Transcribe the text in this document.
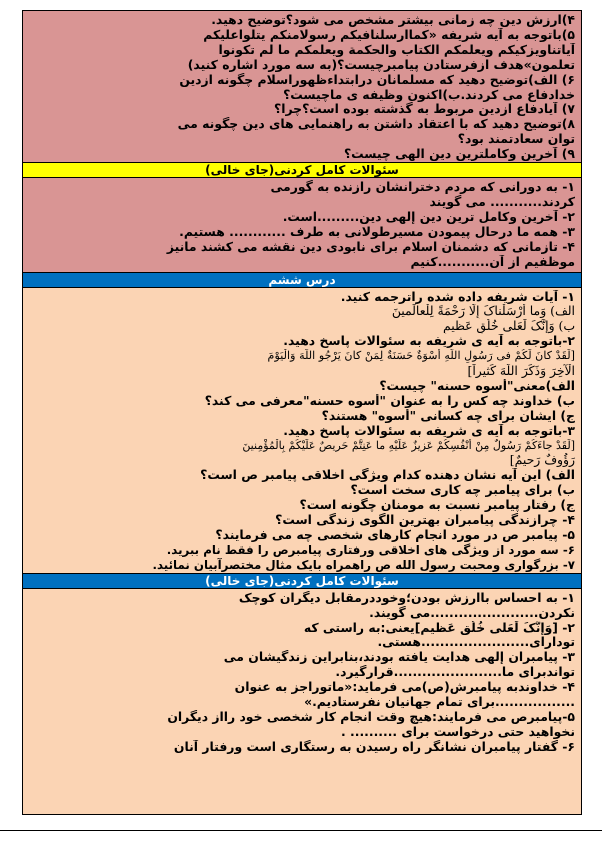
۴)ارزش دین چه زمانی بیشتر مشخص می شود؟توضیح دهید.
۵)باتوجه به آیه شریفه «کماارسلنافیکم رسولامنکم یتلواعلیکم
آیاتناویزکیکم ویعلمکم الکتاب والحکمة ویعلمکم ما لم تکونوا
تعلمون»هدف ازفرستادن پیامبرچیست؟(به سه مورد اشاره کنید)
۶) الف)توضیح دهید که مسلمانان درابتداءظهوراسلام چگونه ازدین
خدادفاع می کردند.ب)اکنون وظیفه ی ماچیست؟
۷) آیادفاع ازدین مربوط به گذشته بوده است؟چرا؟
۸)توضیح دهید که با اعتقاد داشتن به راهنمایی های دین چگونه می
توان سعادتمند بود؟
۹) آخرین وکاملترین دین الهی چیست؟
سئوالات کامل کردنی(جای خالی)
۱- به دورانی که مردم دخترانشان رازنده به گورمی
کردند........... می گویند
۲- آخرین وکامل ترین دین إلهی دین.........است.
۳- همه ما درحال پیمودن مسیرطولانی به طرف ............ هستیم.
۴- تازمانی که دشمنان اسلام برای نابودی دین نقشه می کشند مانیز
موظفیم از آن...........کنیم
درس ششم
۱- آیات شریفه داده شده راترجمه کنید.
الف) وَما أَرْسَلْناکَ إِلّا رَحْمَةً لِلْعالَمینَ
ب) وَإِنَّکَ لَعَلى خُلُقٍ عَظیمٍ
۲-باتوجه به آیه ی شریفه به سئوالات پاسخ دهید.
[لَقَدْ کانَ لَکُمْ فی رَسُولِ اللَّهِ أُسْوَةٌ حَسَنَةٌ لِمَنْ کانَ یَرْجُو اللَّهَ وَالْیَوْمَ
الْآخِرَ وَذَکَرَ اللَّهَ کَثیراً]
الف)معنی"أسوه حسنه" چیست؟
ب) خداوند چه کس را به عنوان "أسوه حسنه"معرفی می کند؟
ج) ایشان برای چه کسانی "أسوه" هستند؟
۳-باتوجه به آیه ی شریفه به سئوالات پاسخ دهید.
[لَقَدْ جاءَکُمْ رَسُولٌ مِنْ أَنْفُسِکُمْ عَزیزٌ عَلَیْهِ ما عَنِتُّمْ حَریصٌ عَلَیْکُمْ بِالْمُؤْمِنینَ
رَؤُوفٌ رَحیمٌ]
الف) این آیه نشان دهنده کدام ویژگی اخلاقی پیامبر ص است؟
ب) برای پیامبر چه کاری سخت است؟
ج) رفتار پیامبر نسبت به مومنان چگونه است؟
۴- چرازندگی پیامبران بهترین الگوی زندگی است؟
۵- پیامبر ص در مورد انجام کارهای شخصی چه می فرمایند؟
۶- سه مورد از ویژگی های اخلاقی ورفتاری پیامبرص را فقط نام ببرید.
۷- بزرگواری ومحبت رسول الله ص راهمراه بایک مثال مختصرآبیان نمائید.
سئوالات کامل کردنی(جای خالی)
۱- به احساس باارزش بودن؛وخوددرمقابل دیگران کوچک
نکردن.......................می گویند.
۲- [وَإِنَّکَ لَعَلى خُلُقٍ عَظیمٍ]یعنی:به راستی که
تودارای.......................هستی.
۳- پیامبران إلهی هدایت یافته بودند،بنابراین زندگیشان می
تواندبرای ما.......................قرارگیرد.
۴- خداوندبه پیامبرش(ص)می فرماید:«ماتوراجز به عنوان
.................برای تمام جهانیان نفرستادیم.»
۵-پیامبرص می فرمایند:هیچ وقت انجام کار شخصی خود رااز دیگران
نخواهید حتی درخواست برای .......... .
۶- گفتار پیامبران نشانگر راه رسیدن به رستگاری است ورفتار آنان
